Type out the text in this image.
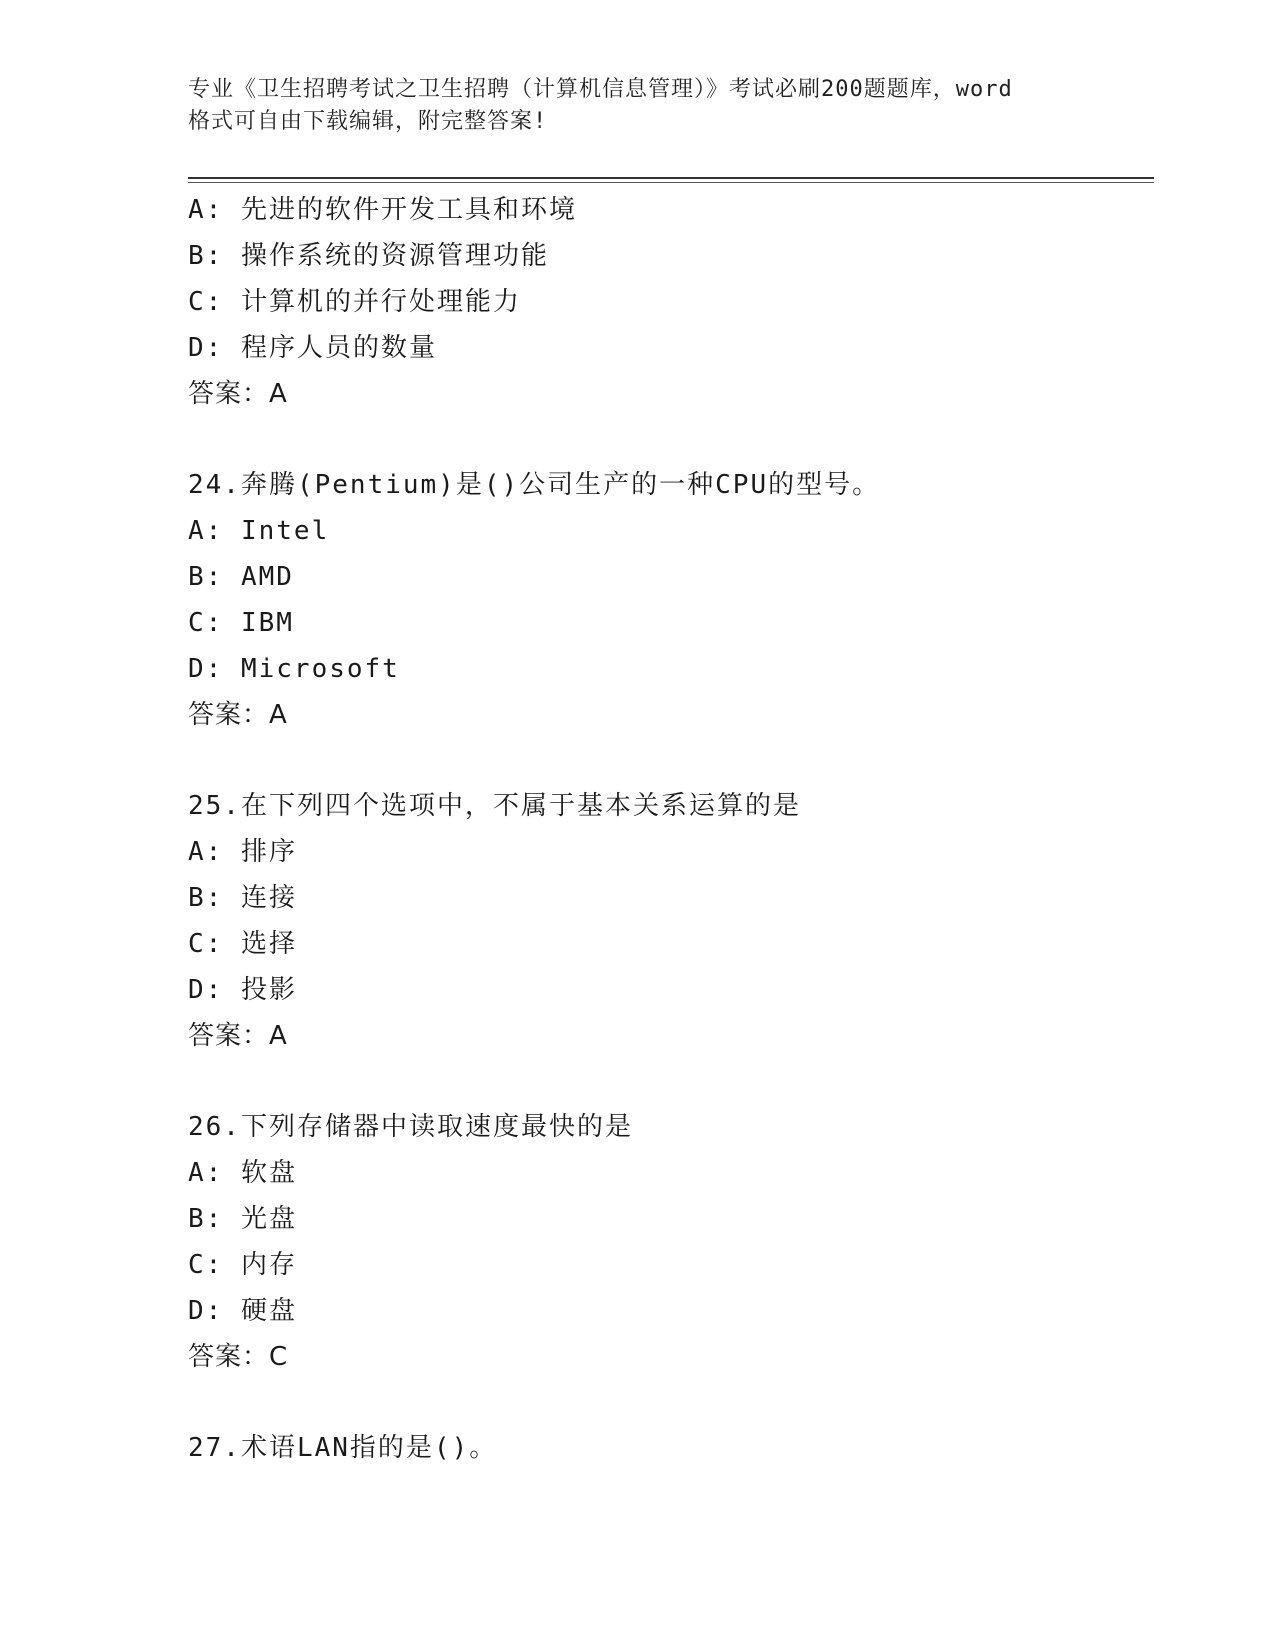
专业《卫生招聘考试之卫生招聘（计算机信息管理）》考试必刷200题题库，word
格式可自由下载编辑，附完整答案!
A: 先进的软件开发工具和环境
B: 操作系统的资源管理功能
C: 计算机的并行处理能力
D: 程序人员的数量
答案：A
24.奔腾(Pentium)是()公司生产的一种CPU的型号。
A: Intel
B: AMD
C: IBM
D: Microsoft
答案：A
25.在下列四个选项中，不属于基本关系运算的是
A: 排序
B: 连接
C: 选择
D: 投影
答案：A
26.下列存储器中读取速度最快的是
A: 软盘
B: 光盘
C: 内存
D: 硬盘
答案：C
27.术语LAN指的是()。
